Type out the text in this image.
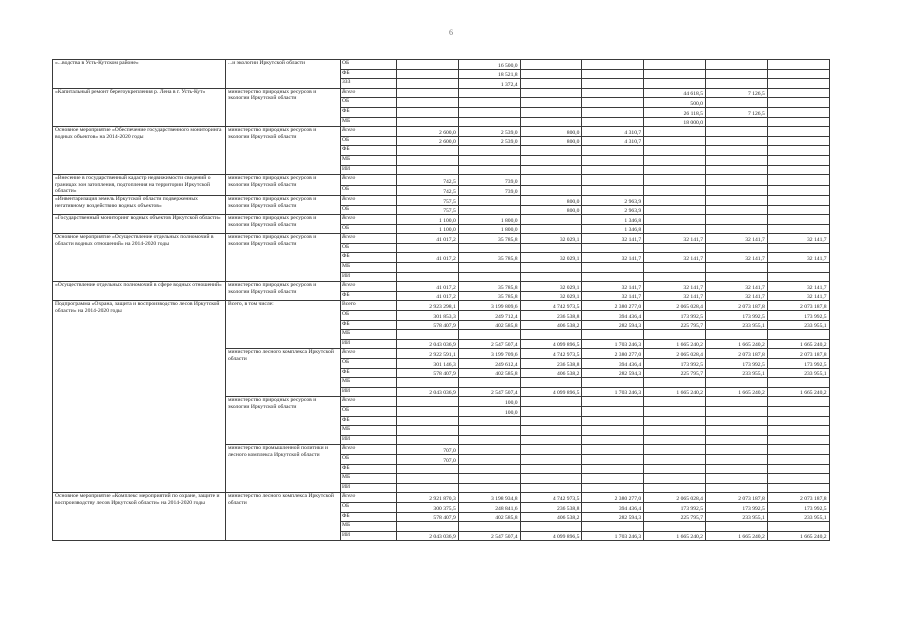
6
«...водства в Усть-Кутском районе»	...и экологии Иркутской области	ОБ		16 500,0					
		ФБ		18 521,8					
		ЗЗЗ		1 372,4					
«Капитальный ремонт берегоукрепления р. Лена в г. Усть-Кут»	министерство природных ресурсов и экологии Иркутской области	Всего					44 618,5	7 126,5	
		ОБ					500,0		
		ФБ					26 118,5	7 126,5	
		МБ					18 000,0		
Основное мероприятие «Обеспечение государственного мониторинга водных объектов» на 2014-2020 годы	министерство природных ресурсов и экологии Иркутской области	Всего	2 600,0	2 539,0	800,0	4 310,7			
		ОБ	2 600,0	2 539,0	800,0	4 310,7			
		ФБ							
		МБ							
		ИИ							
«Внесение в государственный кадастр недвижимости сведений о границах зон затопления, подтопления на территории Иркутской области»	министерство природных ресурсов и экологии Иркутской области	Всего	742,5	739,0					
		ОБ	742,5	739,0					
«Инвентаризация земель Иркутской области подверженных негативному воздействию водных объектов»	министерство природных ресурсов и экологии Иркутской области	Всего	757,5		800,0	2 963,9			
		ОБ	757,5		800,0	2 963,9			
«Государственный мониторинг водных объектов Иркутской области»	министерство природных ресурсов и экологии Иркутской области	Всего	1 100,0	1 800,0		1 346,8			
		ОБ	1 100,0	1 800,0		1 346,8			
Основное мероприятие «Осуществление отдельных полномочий в области водных отношений» на 2014-2020 годы	министерство природных ресурсов и экологии Иркутской области	Всего	41 017,2	35 785,8	32 029,1	32 141,7	32 141,7	32 141,7	32 141,7
		ОБ							
		ФБ	41 017,2	35 785,8	32 029,1	32 141,7	32 141,7	32 141,7	32 141,7
		МБ							
		ИИ							
«Осуществление отдельных полномочий в сфере водных отношений»	министерство природных ресурсов и экологии Иркутской области	Всего	41 017,2	35 785,8	32 029,1	32 141,7	32 141,7	32 141,7	32 141,7
		ФБ	41 017,2	35 785,8	32 029,1	32 141,7	32 141,7	32 141,7	32 141,7
Подпрограмма «Охрана, защита и воспроизводство лесов Иркутской области» на 2014-2020 годы	Всего, в том числе:	Всего	2 923 298,1	3 199 809,6	4 742 973,5	2 380 277,0	2 065 028,4	2 073 187,8	2 073 187,8
		ОБ	301 853,3	249 712,4	236 538,8	394 436,4	173 992,5	173 992,5	173 992,5
		ФБ	578 407,9	402 585,8	406 538,2	282 594,3	225 795,7	233 955,1	233 955,1
		МБ							
		ИИ	2 043 036,9	2 547 507,4	4 099 896,5	1 703 246,3	1 665 240,2	1 665 240,2	1 665 240,2
	министерство лесного комплекса Иркутской области	Всего	2 922 591,1	3 199 709,6	4 742 973,5	2 380 277,0	2 065 028,4	2 073 187,8	2 073 187,8
		ОБ	301 146,3	249 612,4	236 538,8	394 436,4	173 992,5	173 992,5	173 992,5
		ФБ	578 407,9	402 585,8	406 538,2	282 594,3	225 795,7	233 955,1	233 955,1
		МБ							
		ИИ	2 043 036,9	2 547 507,4	4 099 896,5	1 703 246,3	1 665 240,2	1 665 240,2	1 665 240,2
	министерство природных ресурсов и экологии Иркутской области	Всего		100,0					
		ОБ		100,0					
		ФБ							
		МБ							
		ИИ							
	министерство промышленной политики и лесного комплекса Иркутской области	Всего	707,0						
		ОБ	707,0						
		ФБ							
		МБ							
		ИИ							
Основное мероприятие «Комплекс мероприятий по охране, защите и воспроизводству лесов Иркутской области» на 2014-2020 годы	министерство лесного комплекса Иркутской области	Всего	2 921 870,3	3 198 934,8	4 742 973,5	2 380 277,0	2 065 028,4	2 073 187,8	2 073 187,8
		ОБ	300 375,5	248 841,6	236 538,8	394 436,4	173 992,5	173 992,5	173 992,5
		ФБ	578 407,9	402 585,8	406 538,2	282 594,3	225 795,7	233 955,1	233 955,1
		МБ							
		ИИ	2 043 036,9	2 547 507,4	4 099 896,5	1 703 246,3	1 665 240,2	1 665 240,2	1 665 240,2
